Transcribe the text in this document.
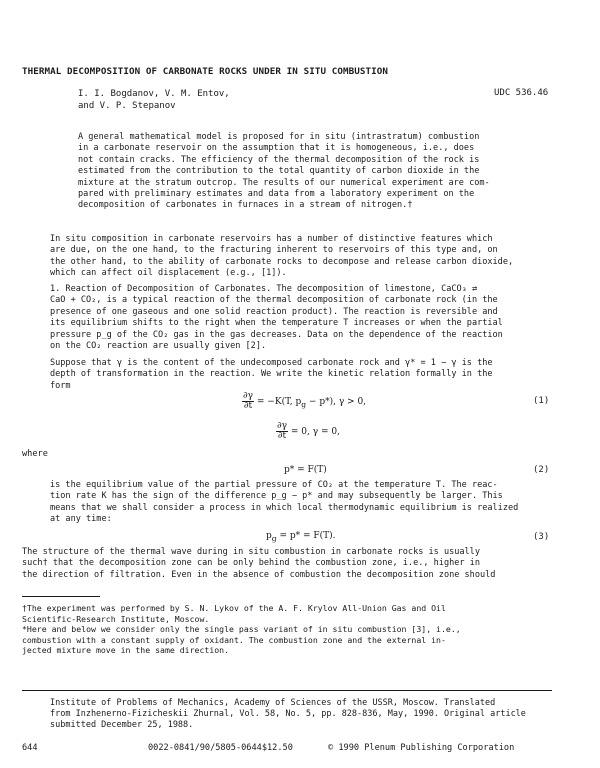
THERMAL DECOMPOSITION OF CARBONATE ROCKS UNDER IN SITU COMBUSTION
I. I. Bogdanov, V. M. Entov,
and V. P. Stepanov
UDC 536.46
A general mathematical model is proposed for in situ (intrastratum) combustion
in a carbonate reservoir on the assumption that it is homogeneous, i.e., does
not contain cracks. The efficiency of the thermal decomposition of the rock is
estimated from the contribution to the total quantity of carbon dioxide in the
mixture at the stratum outcrop. The results of our numerical experiment are com-
pared with preliminary estimates and data from a laboratory experiment on the
decomposition of carbonates in furnaces in a stream of nitrogen.†
In situ composition in carbonate reservoirs has a number of distinctive features which
are due, on the one hand, to the fracturing inherent to reservoirs of this type and, on
the other hand, to the ability of carbonate rocks to decompose and release carbon dioxide,
which can affect oil displacement (e.g., [1]).
1. Reaction of Decomposition of Carbonates. The decomposition of limestone, CaCO₃ ⇄
CaO + CO₂, is a typical reaction of the thermal decomposition of carbonate rock (in the
presence of one gaseous and one solid reaction product). The reaction is reversible and
its equilibrium shifts to the right when the temperature T increases or when the partial
pressure p_g of the CO₂ gas in the gas decreases. Data on the dependence of the reaction
on the CO₂ reaction are usually given [2].
Suppose that γ is the content of the undecomposed carbonate rock and γ* = 1 − γ is the
depth of transformation in the reaction. We write the kinetic relation formally in the
form
$\frac{\partial\gamma}{\partial t} = -K(T$, $p_g - p*$), γ > 0,	(1)
$\frac{\partial\gamma}{\partial t} = 0$, γ = 0,
where
p* = F(T)	(2)
is the equilibrium value of the partial pressure of CO₂ at the temperature T. The reac-
tion rate K has the sign of the difference p_g − p* and may subsequently be larger. This
means that we shall consider a process in which local thermodynamic equilibrium is realized
at any time:
$p_g = p* = F(T)$.	(3)
The structure of the thermal wave during in situ combustion in carbonate rocks is usually
such† that the decomposition zone can be only behind the combustion zone, i.e., higher in
the direction of filtration. Even in the absence of combustion the decomposition zone should
†The experiment was performed by S. N. Lykov of the A. F. Krylov All-Union Gas and Oil
Scientific-Research Institute, Moscow.
*Here and below we consider only the single pass variant of in situ combustion [3], i.e.,
combustion with a constant supply of oxidant. The combustion zone and the external in-
jected mixture move in the same direction.
Institute of Problems of Mechanics, Academy of Sciences of the USSR, Moscow. Translated
from Inzhenerno-Fizicheskii Zhurnal, Vol. 58, No. 5, pp. 828-836, May, 1990. Original article
submitted December 25, 1988.
644	0022-0841/90/5805-0644$12.50	© 1990 Plenum Publishing Corporation
